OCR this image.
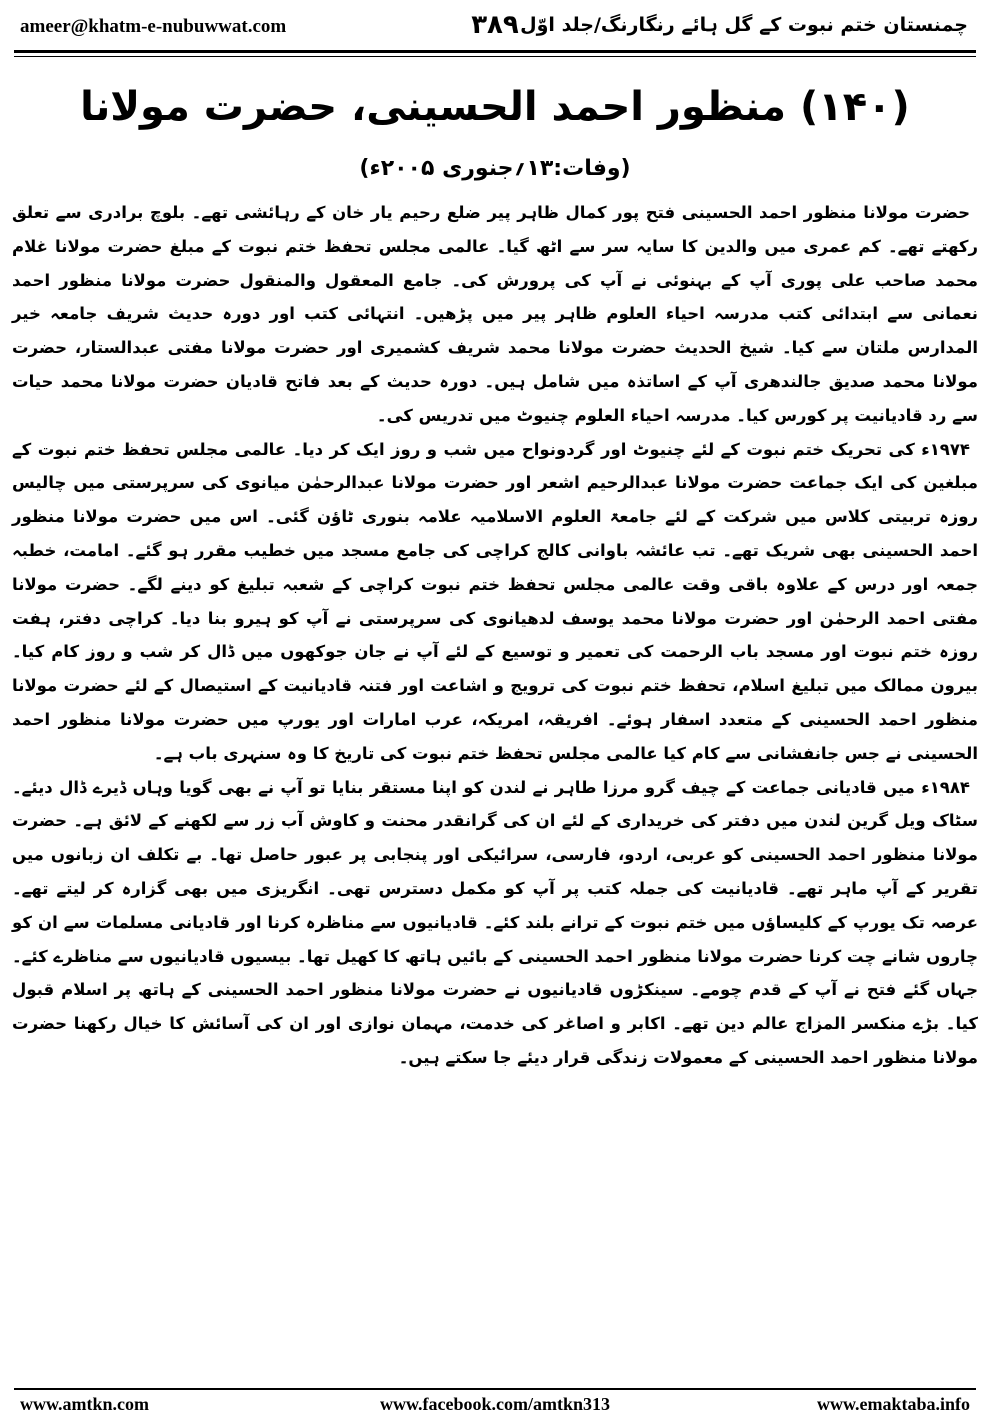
ameer@khatm-e-nubuwwat.com	۳۸۹ چمنستان ختم نبوت کے گل ہائے رنگارنگ/جلد اوّل
(۱۴۰) منظور احمد الحسینی، حضرت مولانا
(وفات:۱۳؍جنوری ۲۰۰۵ء)

حضرت مولانا منظور احمد الحسینی فتح پور کمال ظاہر پیر ضلع رحیم یار خان کے رہائشی تھے۔ بلوچ برادری سے تعلق رکھتے تھے۔ کم عمری میں والدین کا سایہ سر سے اٹھ گیا۔ عالمی مجلس تحفظ ختم نبوت کے مبلغ حضرت مولانا غلام محمد صاحب علی پوری آپ کے بہنوئی نے آپ کی پرورش کی۔ جامع المعقول والمنقول حضرت مولانا منظور احمد نعمانی سے ابتدائی کتب مدرسہ احیاء العلوم ظاہر پیر میں پڑھیں۔ انتہائی کتب اور دورہ حدیث شریف جامعہ خیر المدارس ملتان سے کیا۔ شیخ الحدیث حضرت مولانا محمد شریف کشمیری اور حضرت مولانا مفتی عبدالستار، حضرت مولانا محمد صدیق جالندھری آپ کے اساتذہ میں شامل ہیں۔ دورہ حدیث کے بعد فاتح قادیان حضرت مولانا محمد حیات سے رد قادیانیت پر کورس کیا۔ مدرسہ احیاء العلوم چنیوٹ میں تدریس کی۔

۱۹۷۴ء کی تحریک ختم نبوت کے لئے چنیوٹ اور گردونواح میں شب و روز ایک کر دیا۔ عالمی مجلس تحفظ ختم نبوت کے مبلغین کی ایک جماعت حضرت مولانا عبدالرحیم اشعر اور حضرت مولانا عبدالرحمٰن میانوی کی سرپرستی میں چالیس روزہ تربیتی کلاس میں شرکت کے لئے جامعۃ العلوم الاسلامیہ علامہ بنوری ٹاؤن گئی۔ اس میں حضرت مولانا منظور احمد الحسینی بھی شریک تھے۔ تب عائشہ باوانی کالج کراچی کی جامع مسجد میں خطیب مقرر ہو گئے۔ امامت، خطبہ جمعہ اور درس کے علاوہ باقی وقت عالمی مجلس تحفظ ختم نبوت کراچی کے شعبہ تبلیغ کو دینے لگے۔ حضرت مولانا مفتی احمد الرحمٰن اور حضرت مولانا محمد یوسف لدھیانوی کی سرپرستی نے آپ کو ہیرو بنا دیا۔ کراچی دفتر، ہفت روزہ ختم نبوت اور مسجد باب الرحمت کی تعمیر و توسیع کے لئے آپ نے جان جوکھوں میں ڈال کر شب و روز کام کیا۔ بیرون ممالک میں تبلیغ اسلام، تحفظ ختم نبوت کی ترویج و اشاعت اور فتنہ قادیانیت کے استیصال کے لئے حضرت مولانا منظور احمد الحسینی کے متعدد اسفار ہوئے۔ افریقہ، امریکہ، عرب امارات اور یورپ میں حضرت مولانا منظور احمد الحسینی نے جس جانفشانی سے کام کیا عالمی مجلس تحفظ ختم نبوت کی تاریخ کا وہ سنہری باب ہے۔

۱۹۸۴ء میں قادیانی جماعت کے چیف گرو مرزا طاہر نے لندن کو اپنا مستقر بنایا تو آپ نے بھی گویا وہاں ڈیرے ڈال دیئے۔ سٹاک ویل گرین لندن میں دفتر کی خریداری کے لئے ان کی گرانقدر محنت و کاوش آب زر سے لکھنے کے لائق ہے۔ حضرت مولانا منظور احمد الحسینی کو عربی، اردو، فارسی، سرائیکی اور پنجابی پر عبور حاصل تھا۔ بے تکلف ان زبانوں میں تقریر کے آپ ماہر تھے۔ قادیانیت کی جملہ کتب پر آپ کو مکمل دسترس تھی۔ انگریزی میں بھی گزارہ کر لیتے تھے۔ عرصہ تک یورپ کے کلیساؤں میں ختم نبوت کے ترانے بلند کئے۔ قادیانیوں سے مناظرہ کرنا اور قادیانی مسلمات سے ان کو چاروں شانے چت کرنا حضرت مولانا منظور احمد الحسینی کے بائیں ہاتھ کا کھیل تھا۔ بیسیوں قادیانیوں سے مناظرے کئے۔ جہاں گئے فتح نے آپ کے قدم چومے۔ سینکڑوں قادیانیوں نے حضرت مولانا منظور احمد الحسینی کے ہاتھ پر اسلام قبول کیا۔ بڑے منکسر المزاج عالم دین تھے۔ اکابر و اصاغر کی خدمت، مہمان نوازی اور ان کی آسائش کا خیال رکھنا حضرت مولانا منظور احمد الحسینی کے معمولات زندگی قرار دیئے جا سکتے ہیں۔

www.amtkn.com	www.facebook.com/amtkn313	www.emaktaba.info
